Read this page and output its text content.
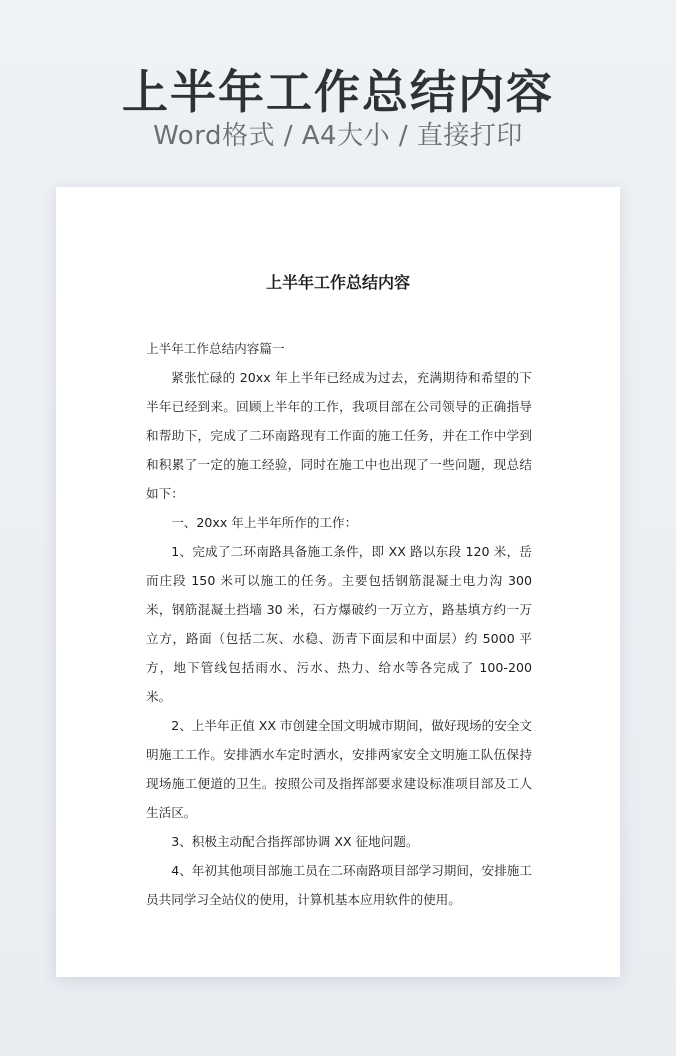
上半年工作总结内容
Word格式 / A4大小 / 直接打印
上半年工作总结内容

上半年工作总结内容篇一

紧张忙碌的 20xx 年上半年已经成为过去，充满期待和希望的下半年已经到来。回顾上半年的工作，我项目部在公司领导的正确指导和帮助下，完成了二环南路现有工作面的施工任务，并在工作中学到和积累了一定的施工经验，同时在施工中也出现了一些问题，现总结如下：

一、20xx 年上半年所作的工作：

1、完成了二环南路具备施工条件，即 XX 路以东段 120 米，岳而庄段 150 米可以施工的任务。主要包括钢筋混凝土电力沟 300 米，钢筋混凝土挡墙 30 米，石方爆破约一万立方，路基填方约一万立方，路面（包括二灰、水稳、沥青下面层和中面层）约 5000 平方，地下管线包括雨水、污水、热力、给水等各完成了 100-200 米。

2、上半年正值 XX 市创建全国文明城市期间，做好现场的安全文明施工工作。安排洒水车定时洒水，安排两家安全文明施工队伍保持现场施工便道的卫生。按照公司及指挥部要求建设标准项目部及工人生活区。

3、积极主动配合指挥部协调 XX 征地问题。

4、年初其他项目部施工员在二环南路项目部学习期间，安排施工员共同学习全站仪的使用，计算机基本应用软件的使用。
